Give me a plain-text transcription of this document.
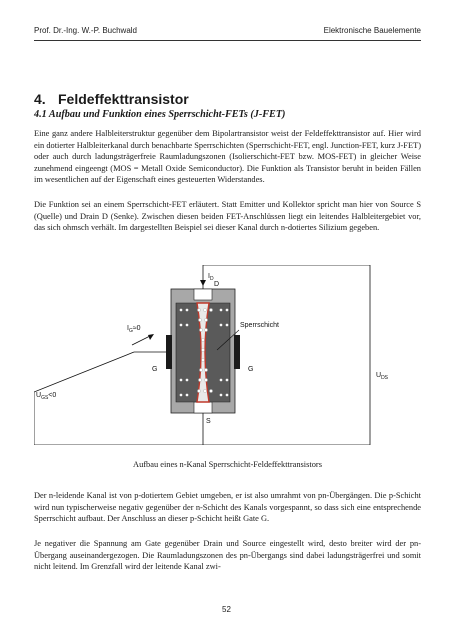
Prof. Dr.-Ing. W.-P. Buchwald	Elektronische Bauelemente
4. Feldeffekttransistor
4.1 Aufbau und Funktion eines Sperrschicht-FETs (J-FET)

Eine ganz andere Halbleiterstruktur gegenüber dem Bipolartransistor weist der Feldeffekttransistor auf. Hier wird ein dotierter Halbleiterkanal durch benachbarte Sperrschichten (Sperrschicht-FET, engl. Junction-FET, kurz J-FET) oder auch durch ladungsträgerfreie Raumladungszonen (Isolierschicht-FET bzw. MOS-FET) in gleicher Weise zunehmend eingeengt (MOS = Metall Oxide Semiconductor). Die Funktion als Transistor beruht in beiden Fällen im wesentlichen auf der Eigenschaft eines gesteuerten Widerstandes.

Die Funktion sei an einem Sperrschicht-FET erläutert. Statt Emitter und Kollektor spricht man hier von Source S (Quelle) und Drain D (Senke). Zwischen diesen beiden FET-Anschlüssen liegt ein leitendes Halbleitergebiet vor, das sich ohmsch verhält. Im dargestellten Beispiel sei dieser Kanal durch n-dotiertes Silizium gegeben.

$I_D$
D
S
G	G
Sperrschicht
$I_G\approx 0$
$U_{DS}$
$U_{GS}<0$
Aufbau eines n-Kanal Sperrschicht-Feldeffekttransistors

Der n-leidende Kanal ist von p-dotiertem Gebiet umgeben, er ist also umrahmt von pn-Übergängen. Die p-Schicht wird nun typischerweise negativ gegenüber der n-Schicht des Kanals vorgespannt, so dass sich eine entsprechende Sperrschicht aufbaut. Der Anschluss an dieser p-Schicht heißt Gate G.

Je negativer die Spannung am Gate gegenüber Drain und Source eingestellt wird, desto breiter wird der pn-Übergang auseinandergezogen. Die Raumladungszonen des pn-Übergangs sind dabei ladungsträgerfrei und somit nicht leitend. Im Grenzfall wird der leitende Kanal zwi-

52
